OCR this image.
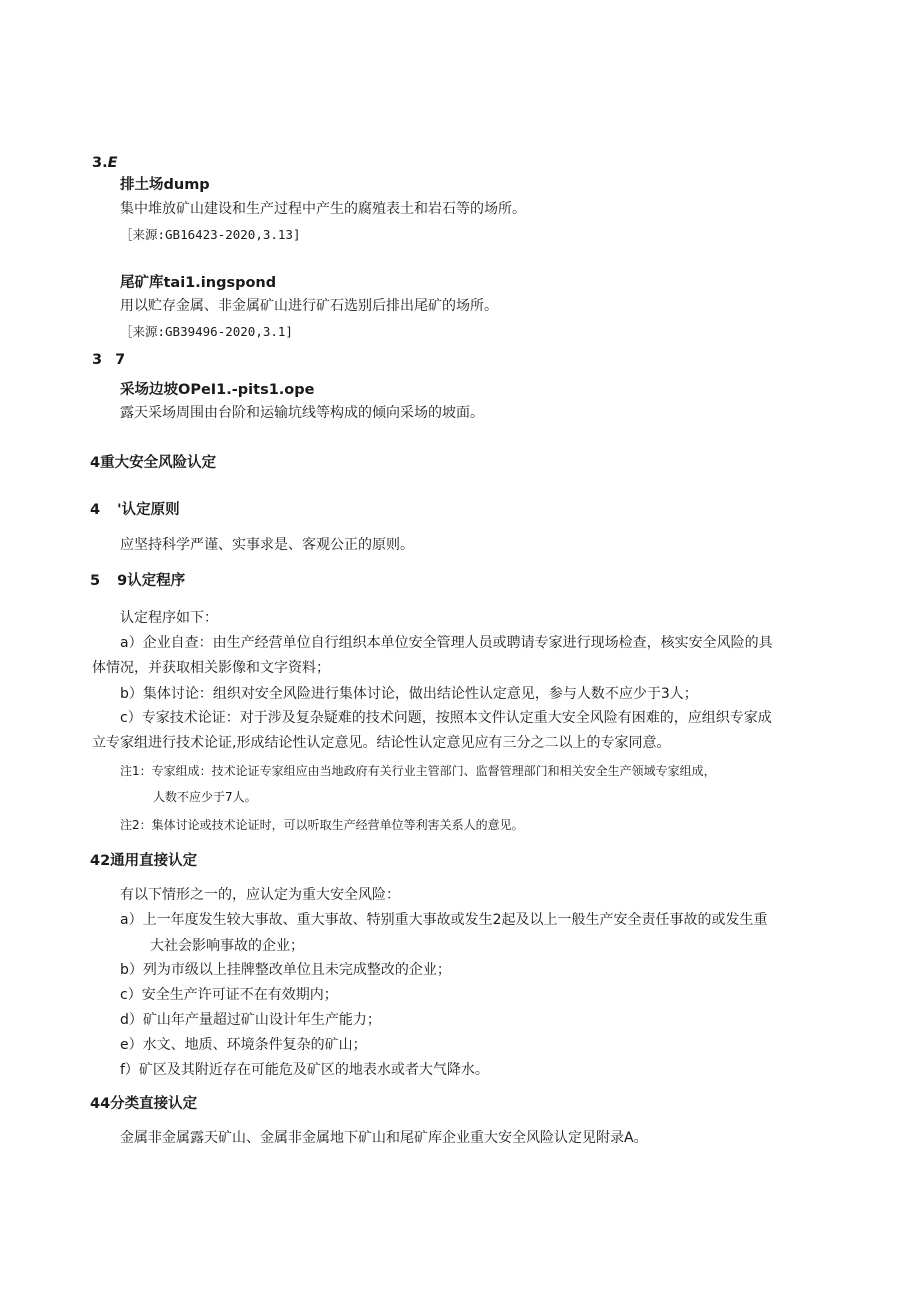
3.E
排土场dump
集中堆放矿山建设和生产过程中产生的腐殖表土和岩石等的场所。
［来源:GB16423-2020,3.13]
尾矿库tai1.ingspond
用以贮存金属、非金属矿山进行矿石选别后排出尾矿的场所。
［来源:GB39496-2020,3.1]
3 7
采场边坡OPeI1.-pits1.ope
露天采场周围由台阶和运输坑线等构成的倾向采场的坡面。
4重大安全风险认定
4 '认定原则
应坚持科学严谨、实事求是、客观公正的原则。
5 9认定程序
认定程序如下：
a）企业自查：由生产经营单位自行组织本单位安全管理人员或聘请专家进行现场检查，核实安全风险的具
体情况，并获取相关影像和文字资料；
b）集体讨论：组织对安全风险进行集体讨论，做出结论性认定意见，参与人数不应少于3人；
c）专家技术论证：对于涉及复杂疑难的技术问题，按照本文件认定重大安全风险有困难的，应组织专家成
立专家组进行技术论证,形成结论性认定意见。结论性认定意见应有三分之二以上的专家同意。
注1：专家组成：技术论证专家组应由当地政府有关行业主管部门、监督管理部门和相关安全生产领域专家组成，
人数不应少于7人。
注2：集体讨论或技术论证时，可以听取生产经营单位等利害关系人的意见。
42通用直接认定
有以下情形之一的，应认定为重大安全风险：
a）上一年度发生较大事故、重大事故、特别重大事故或发生2起及以上一般生产安全责任事故的或发生重
大社会影响事故的企业；
b）列为市级以上挂牌整改单位且未完成整改的企业；
c）安全生产许可证不在有效期内；
d）矿山年产量超过矿山设计年生产能力；
e）水文、地质、环境条件复杂的矿山；
f）矿区及其附近存在可能危及矿区的地表水或者大气降水。
44分类直接认定
金属非金属露天矿山、金属非金属地下矿山和尾矿库企业重大安全风险认定见附录A。
